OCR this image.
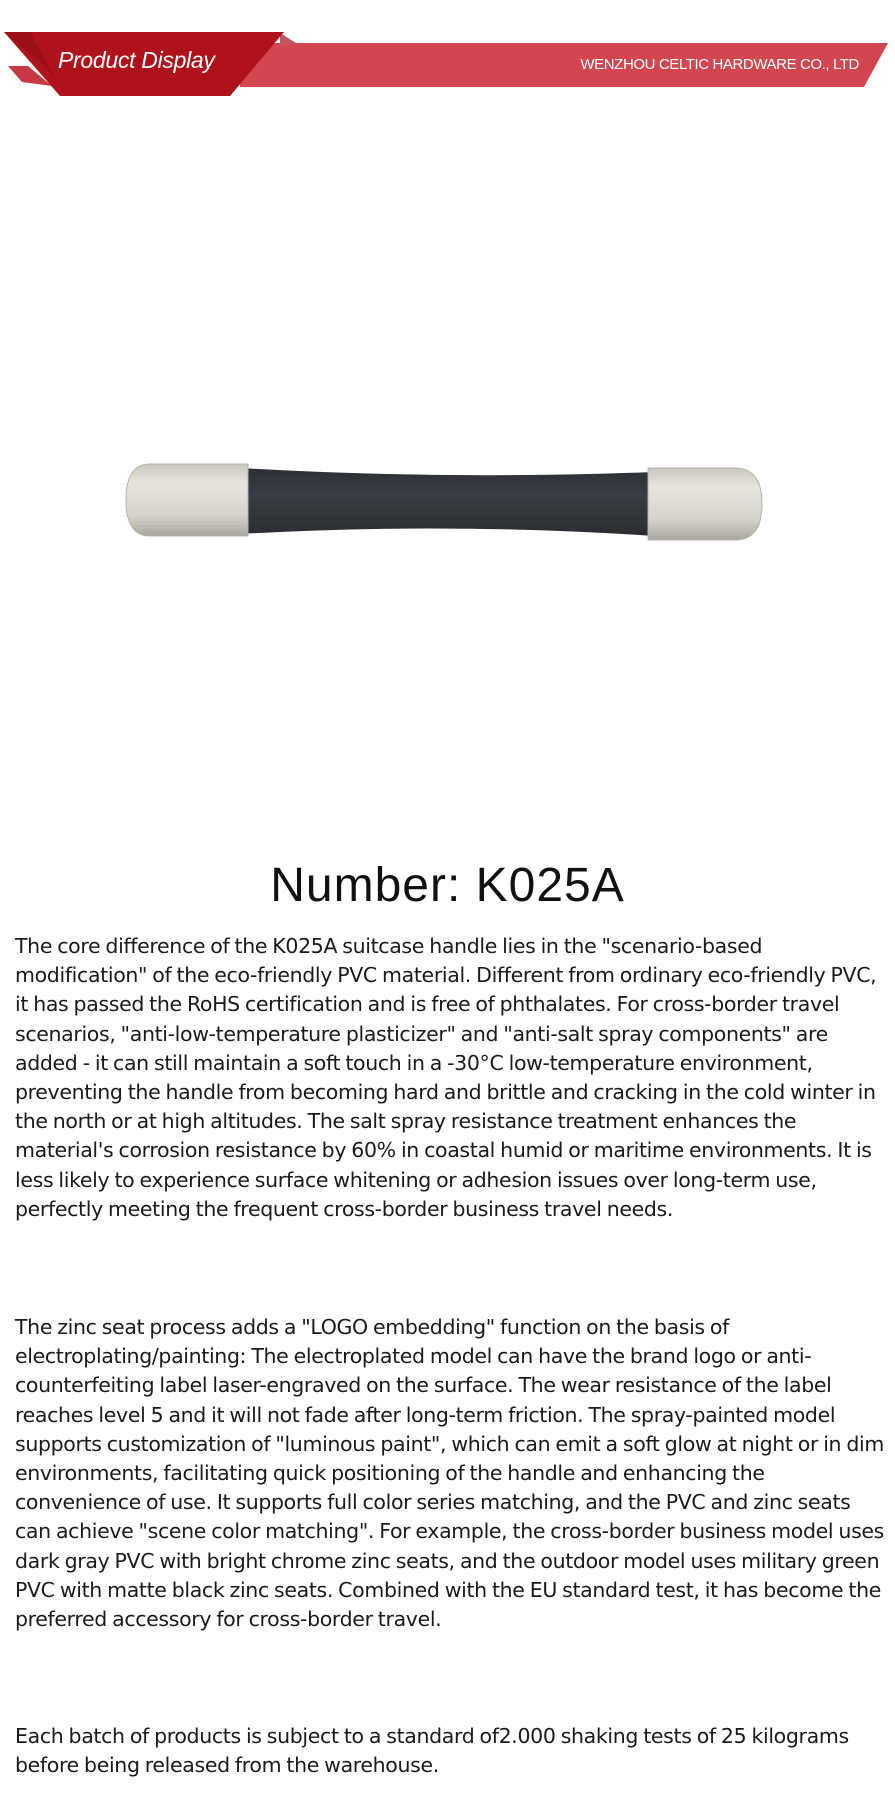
Product Display	WENZHOU CELTIC HARDWARE CO., LTD
Number: K025A
The core difference of the K025A suitcase handle lies in the "scenario-based modification" of the eco-friendly PVC material. Different from ordinary eco-friendly PVC, it has passed the RoHS certification and is free of phthalates. For cross-border travel scenarios, "anti-low-temperature plasticizer" and "anti-salt spray components" are added - it can still maintain a soft touch in a -30°C low-temperature environment, preventing the handle from becoming hard and brittle and cracking in the cold winter in the north or at high altitudes. The salt spray resistance treatment enhances the material's corrosion resistance by 60% in coastal humid or maritime environments. It is less likely to experience surface whitening or adhesion issues over long-term use, perfectly meeting the frequent cross-border business travel needs.
The zinc seat process adds a "LOGO embedding" function on the basis of electroplating/painting: The electroplated model can have the brand logo or anti-counterfeiting label laser-engraved on the surface. The wear resistance of the label reaches level 5 and it will not fade after long-term friction. The spray-painted model supports customization of "luminous paint", which can emit a soft glow at night or in dim environments, facilitating quick positioning of the handle and enhancing the convenience of use. It supports full color series matching, and the PVC and zinc seats can achieve "scene color matching". For example, the cross-border business model uses dark gray PVC with bright chrome zinc seats, and the outdoor model uses military green PVC with matte black zinc seats. Combined with the EU standard test, it has become the preferred accessory for cross-border travel.
Each batch of products is subject to a standard of2.000 shaking tests of 25 kilograms before being released from the warehouse.
